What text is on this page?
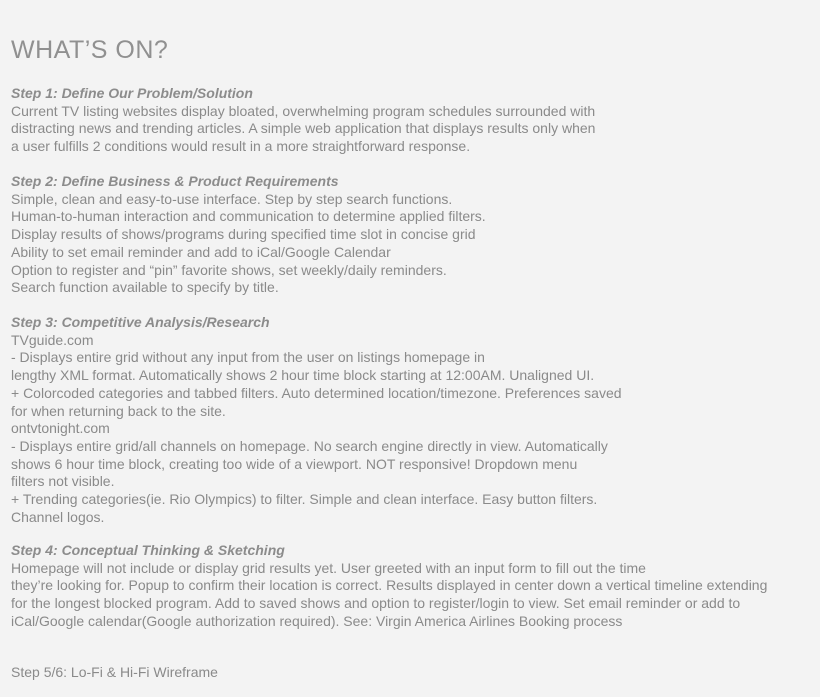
WHAT’S ON?

Step 1: Define Our Problem/Solution

Current TV listing websites display bloated, overwhelming program schedules surrounded with

distracting news and trending articles. A simple web application that displays results only when

a user fulfills 2 conditions would result in a more straightforward response.

Step 2: Define Business & Product Requirements

Simple, clean and easy-to-use interface. Step by step search functions.

Human-to-human interaction and communication to determine applied filters.

Display results of shows/programs during specified time slot in concise grid

Ability to set email reminder and add to iCal/Google Calendar

Option to register and “pin” favorite shows, set weekly/daily reminders.

Search function available to specify by title.

Step 3: Competitive Analysis/Research

TVguide.com

- Displays entire grid without any input from the user on listings homepage in

lengthy XML format. Automatically shows 2 hour time block starting at 12:00AM. Unaligned UI.

+ Colorcoded categories and tabbed filters. Auto determined location/timezone. Preferences saved

for when returning back to the site.

ontvtonight.com

- Displays entire grid/all channels on homepage. No search engine directly in view. Automatically

shows 6 hour time block, creating too wide of a viewport. NOT responsive! Dropdown menu

filters not visible.

+ Trending categories(ie. Rio Olympics) to filter. Simple and clean interface. Easy button filters.

Channel logos.

Step 4: Conceptual Thinking & Sketching

Homepage will not include or display grid results yet. User greeted with an input form to fill out the time

they’re looking for. Popup to confirm their location is correct. Results displayed in center down a vertical timeline extending

for the longest blocked program. Add to saved shows and option to register/login to view. Set email reminder or add to

iCal/Google calendar(Google authorization required). See: Virgin America Airlines Booking process

Step 5/6: Lo-Fi & Hi-Fi Wireframe
